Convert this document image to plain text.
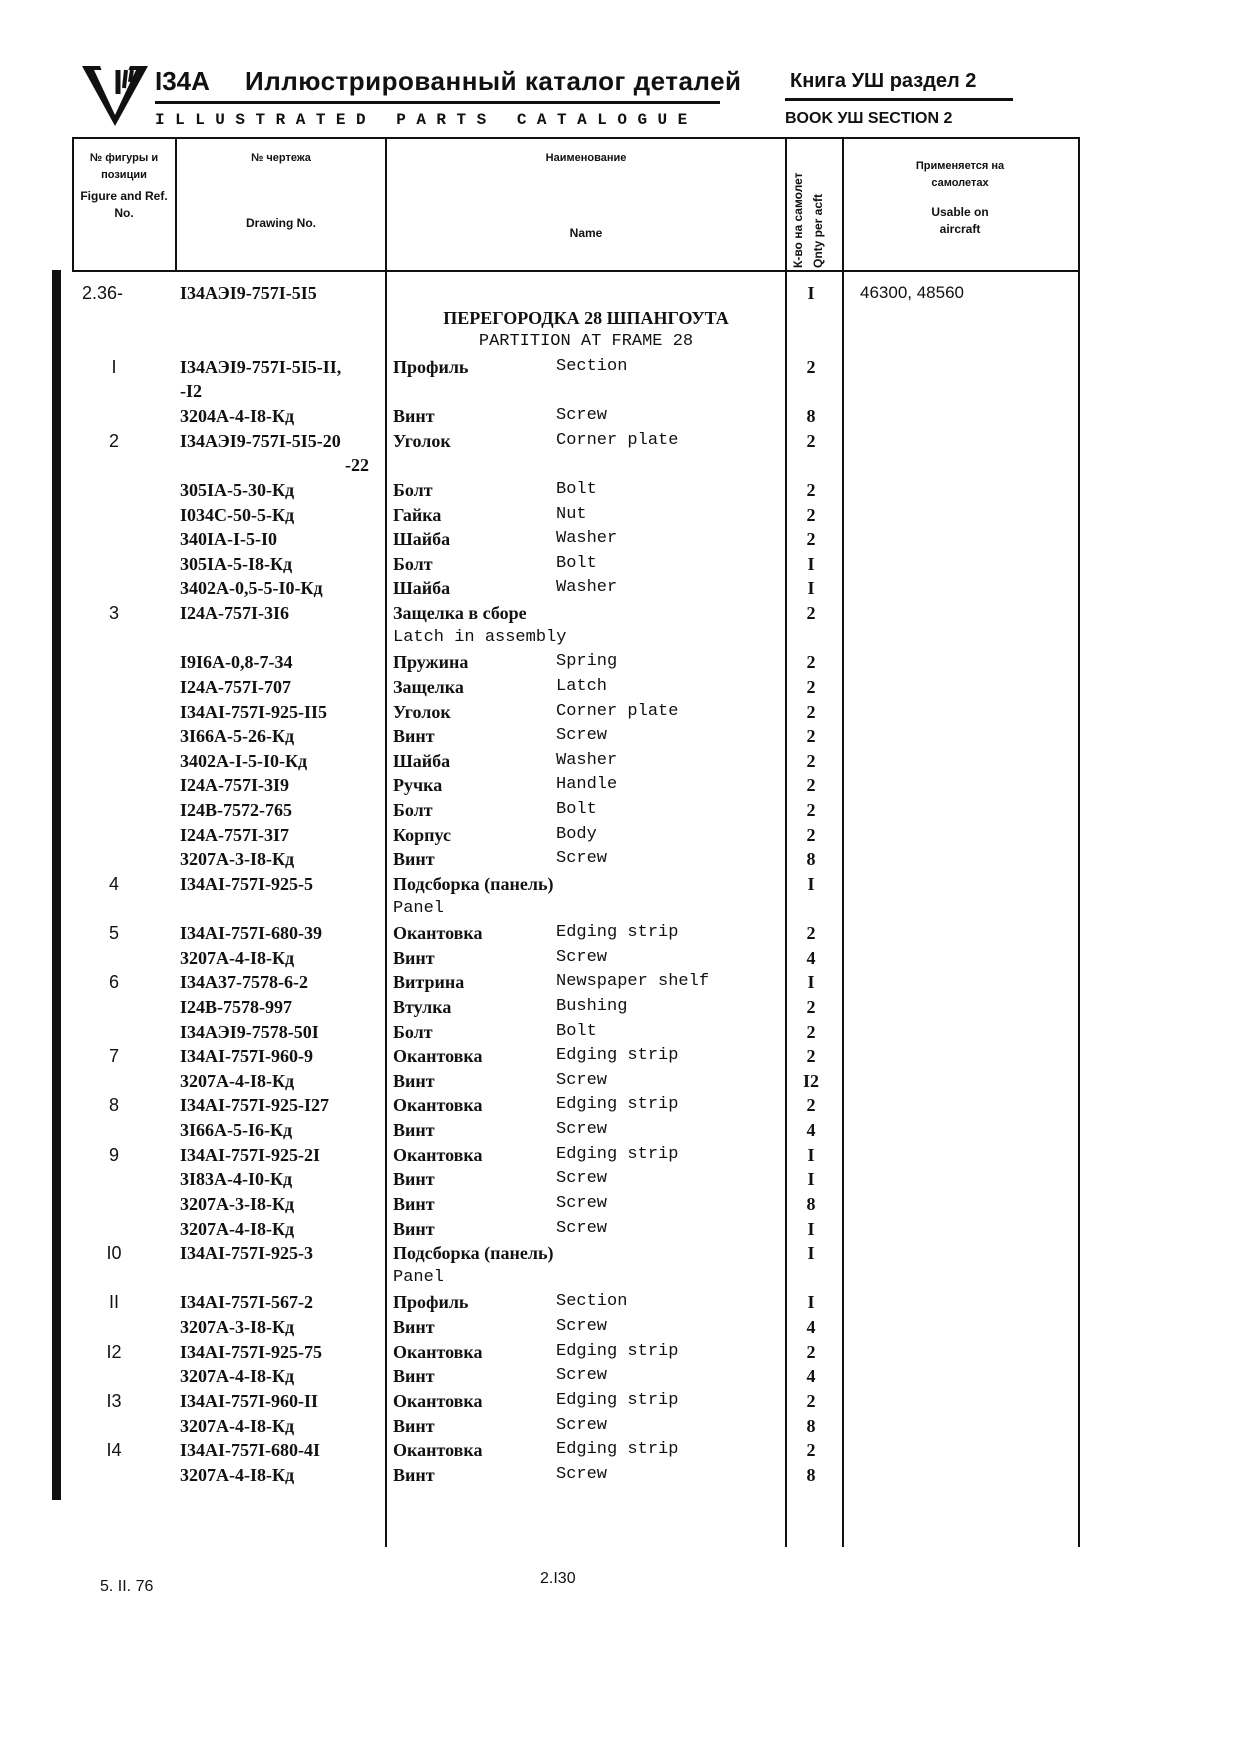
I34A Иллюстрированный каталог деталей Книга УШ раздел 2
ILLUSTRATED PARTS CATALOGUE	BOOK УШ SECTION 2
№ фигуры и позиции
Figure and Ref. No.
№ чертежа
Drawing No.
Наименование
Name	К-во на самолет Qnty per acft
Применяется на самолетах
Usable on aircraft
2.36-	I34АЭI9-757I-5I5	I	46300, 48560
ПЕРЕГОРОДКА 28 ШПАНГОУТА
PARTITION AT FRAME 28
I	I34АЭI9-757I-5I5-II,	Профиль	Section	2
-I2
3204А-4-I8-Кд	Винт	Screw	8
2	I34АЭI9-757I-5I5-20	Уголок	Corner plate	2
-22
305IА-5-30-Кд	Болт	Bolt	2
I034С-50-5-Кд	Гайка	Nut	2
340IА-I-5-I0	Шайба	Washer	2
305IА-5-I8-Кд	Болт	Bolt	I
3402А-0,5-5-I0-Кд	Шайба	Washer	I
3	I24А-757I-3I6	Защелка в сборе	2
Latch in assembly
I9I6А-0,8-7-34	Пружина	Spring	2
I24А-757I-707	Защелка	Latch	2
I34АI-757I-925-II5	Уголок	Corner plate	2
3I66А-5-26-Кд	Винт	Screw	2
3402А-I-5-I0-Кд	Шайба	Washer	2
I24А-757I-3I9	Ручка	Handle	2
I24В-7572-765	Болт	Bolt	2
I24А-757I-3I7	Корпус	Body	2
3207А-3-I8-Кд	Винт	Screw	8
4	I34АI-757I-925-5	Подсборка (панель)	I
Panel
5	I34АI-757I-680-39	Окантовка	Edging strip	2
3207А-4-I8-Кд	Винт	Screw	4
6	I34А37-7578-6-2	Витрина	Newspaper shelf	I
I24В-7578-997	Втулка	Bushing	2
I34АЭI9-7578-50I	Болт	Bolt	2
7	I34АI-757I-960-9	Окантовка	Edging strip	2
3207А-4-I8-Кд	Винт	Screw	I2
8	I34АI-757I-925-I27	Окантовка	Edging strip	2
3I66А-5-I6-Кд	Винт	Screw	4
9	I34АI-757I-925-2I	Окантовка	Edging strip	I
3I83А-4-I0-Кд	Винт	Screw	I
3207А-3-I8-Кд	Винт	Screw	8
3207А-4-I8-Кд	Винт	Screw	I
I0	I34АI-757I-925-3	Подсборка (панель)	I
Panel
II	I34АI-757I-567-2	Профиль	Section	I
3207А-3-I8-Кд	Винт	Screw	4
I2	I34АI-757I-925-75	Окантовка	Edging strip	2
3207А-4-I8-Кд	Винт	Screw	4
I3	I34АI-757I-960-II	Окантовка	Edging strip	2
3207А-4-I8-Кд	Винт	Screw	8
I4	I34АI-757I-680-4I	Окантовка	Edging strip	2
3207А-4-I8-Кд	Винт	Screw	8
5. II. 76	2.I30
